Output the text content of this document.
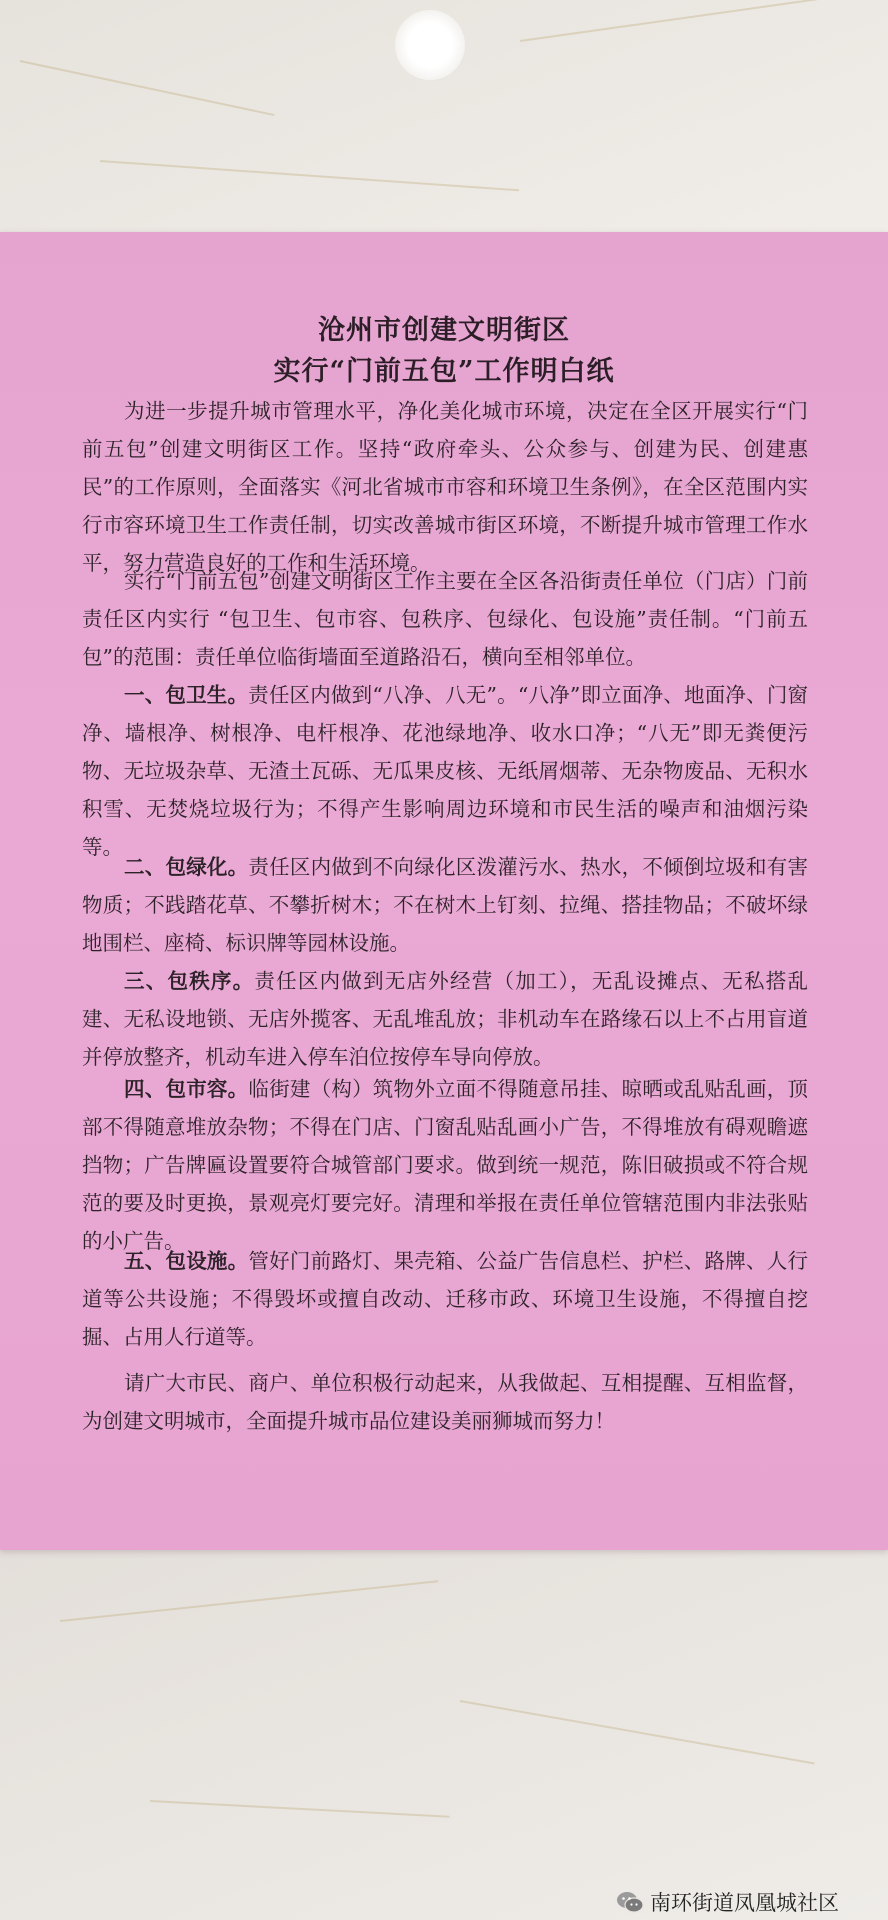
沧州市创建文明街区
实行“门前五包”工作明白纸

为进一步提升城市管理水平，净化美化城市环境，决定在全区开展实行“门前五包”创建文明街区工作。坚持“政府牵头、公众参与、创建为民、创建惠民”的工作原则，全面落实《河北省城市市容和环境卫生条例》，在全区范围内实行市容环境卫生工作责任制，切实改善城市街区环境，不断提升城市管理工作水平，努力营造良好的工作和生活环境。

实行“门前五包”创建文明街区工作主要在全区各沿街责任单位（门店）门前责任区内实行 “包卫生、包市容、包秩序、包绿化、包设施”责任制。“门前五包”的范围：责任单位临街墙面至道路沿石，横向至相邻单位。

一、包卫生。责任区内做到“八净、八无”。“八净”即立面净、地面净、门窗净、墙根净、树根净、电杆根净、花池绿地净、收水口净；“八无”即无粪便污物、无垃圾杂草、无渣土瓦砾、无瓜果皮核、无纸屑烟蒂、无杂物废品、无积水积雪、无焚烧垃圾行为；不得产生影响周边环境和市民生活的噪声和油烟污染等。

二、包绿化。责任区内做到不向绿化区泼灌污水、热水，不倾倒垃圾和有害物质；不践踏花草、不攀折树木；不在树木上钉刻、拉绳、搭挂物品；不破坏绿地围栏、座椅、标识牌等园林设施。

三、包秩序。责任区内做到无店外经营（加工），无乱设摊点、无私搭乱建、无私设地锁、无店外揽客、无乱堆乱放；非机动车在路缘石以上不占用盲道并停放整齐，机动车进入停车泊位按停车导向停放。

四、包市容。临街建（构）筑物外立面不得随意吊挂、晾晒或乱贴乱画，顶部不得随意堆放杂物；不得在门店、门窗乱贴乱画小广告，不得堆放有碍观瞻遮挡物；广告牌匾设置要符合城管部门要求。做到统一规范，陈旧破损或不符合规范的要及时更换，景观亮灯要完好。清理和举报在责任单位管辖范围内非法张贴的小广告。

五、包设施。管好门前路灯、果壳箱、公益广告信息栏、护栏、路牌、人行道等公共设施；不得毁坏或擅自改动、迁移市政、环境卫生设施，不得擅自挖掘、占用人行道等。

请广大市民、商户、单位积极行动起来，从我做起、互相提醒、互相监督，为创建文明城市，全面提升城市品位建设美丽狮城而努力！

南环街道凤凰城社区
